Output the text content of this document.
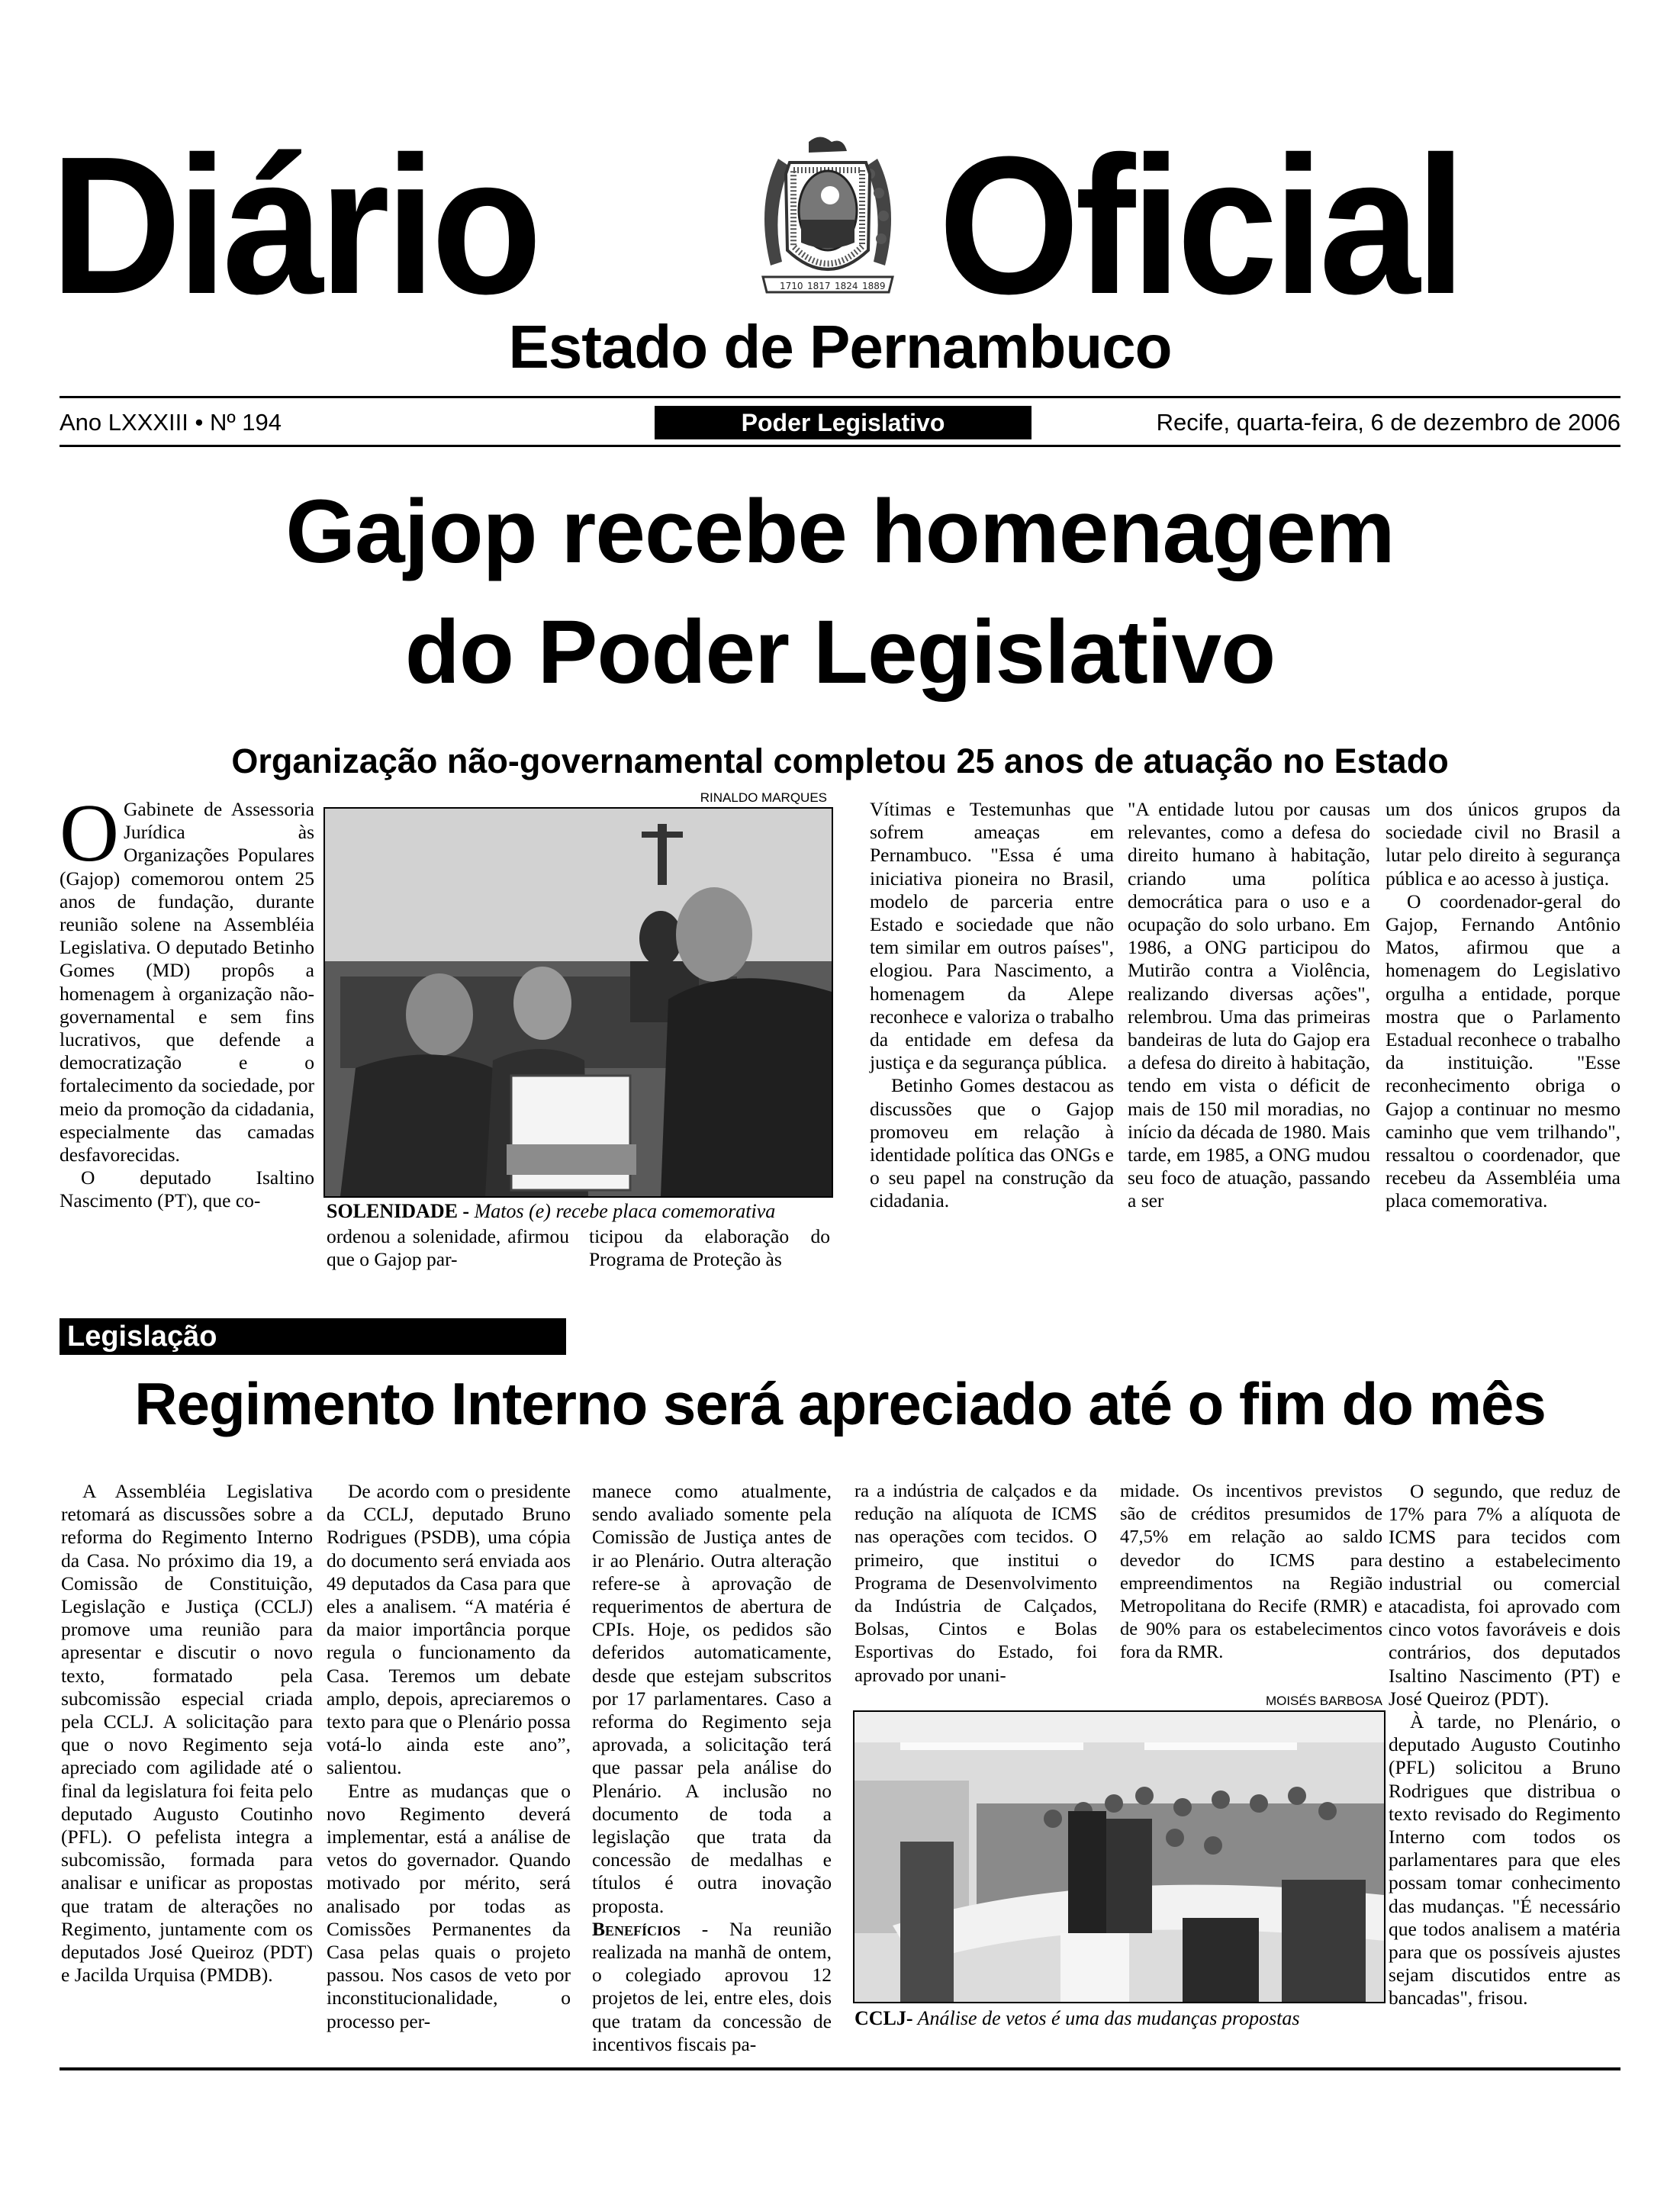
Diário	1710 1817 1824 1889 Oficial
Estado de Pernambuco
Ano LXXXIII • Nº 194	Poder Legislativo	Recife, quarta-feira, 6 de dezembro de 2006
Gajop recebe homenagem
do Poder Legislativo
Organização não-governamental completou 25 anos de atuação no Estado

O Gabinete de Assessoria Jurídica às Organizações Populares (Gajop) comemorou ontem 25 anos de fundação, durante reunião solene na Assembléia Legislativa. O deputado Betinho Gomes (MD) propôs a homenagem à organização não-governamental e sem fins lucrativos, que defende a democratização e o fortalecimento da sociedade, por meio da promoção da cidadania, especialmente das camadas desfavorecidas.

O deputado Isaltino Nascimento (PT), que co-

RINALDO MARQUES
SOLENIDADE - Matos (e) recebe placa comemorativa

ordenou a solenidade, afirmou que o Gajop par-

ticipou da elaboração do Programa de Proteção às

Vítimas e Testemunhas que sofrem ameaças em Pernambuco. "Essa é uma iniciativa pioneira no Brasil, modelo de parceria entre Estado e sociedade que não tem similar em outros países", elogiou. Para Nascimento, a homenagem da Alepe reconhece e valoriza o trabalho da entidade em defesa da justiça e da segurança pública.

Betinho Gomes destacou as discussões que o Gajop promoveu em relação à identidade política das ONGs e o seu papel na construção da cidadania.

"A entidade lutou por causas relevantes, como a defesa do direito humano à habitação, criando uma política democrática para o uso e a ocupação do solo urbano. Em 1986, a ONG participou do Mutirão contra a Violência, realizando diversas ações", relembrou. Uma das primeiras bandeiras de luta do Gajop era a defesa do direito à habitação, tendo em vista o déficit de mais de 150 mil moradias, no início da década de 1980. Mais tarde, em 1985, a ONG mudou seu foco de atuação, passando a ser

um dos únicos grupos da sociedade civil no Brasil a lutar pelo direito à segurança pública e ao acesso à justiça.

O coordenador-geral do Gajop, Fernando Antônio Matos, afirmou que a homenagem do Legislativo orgulha a entidade, porque mostra que o Parlamento Estadual reconhece o trabalho da instituição. "Esse reconhecimento obriga o Gajop a continuar no mesmo caminho que vem trilhando", ressaltou o coordenador, que recebeu da Assembléia uma placa comemorativa.

Legislação
Regimento Interno será apreciado até o fim do mês

A Assembléia Legislativa retomará as discussões sobre a reforma do Regimento Interno da Casa. No próximo dia 19, a Comissão de Constituição, Legislação e Justiça (CCLJ) promove uma reunião para apresentar e discutir o novo texto, formatado pela subcomissão especial criada pela CCLJ. A solicitação para que o novo Regimento seja apreciado com agilidade até o final da legislatura foi feita pelo deputado Augusto Coutinho (PFL). O pefelista integra a subcomissão, formada para analisar e unificar as propostas que tratam de alterações no Regimento, juntamente com os deputados José Queiroz (PDT) e Jacilda Urquisa (PMDB).

De acordo com o presidente da CCLJ, deputado Bruno Rodrigues (PSDB), uma cópia do documento será enviada aos 49 deputados da Casa para que eles a analisem. “A matéria é da maior importância porque regula o funcionamento da Casa. Teremos um debate amplo, depois, apreciaremos o texto para que o Plenário possa votá-lo ainda este ano”, salientou.

Entre as mudanças que o novo Regimento deverá implementar, está a análise de vetos do governador. Quando motivado por mérito, será analisado por todas as Comissões Permanentes da Casa pelas quais o projeto passou. Nos casos de veto por inconstitucionalidade, o processo per-

manece como atualmente, sendo avaliado somente pela Comissão de Justiça antes de ir ao Plenário. Outra alteração refere-se à aprovação de requerimentos de abertura de CPIs. Hoje, os pedidos são deferidos automaticamente, desde que estejam subscritos por 17 parlamentares. Caso a reforma do Regimento seja aprovada, a solicitação terá que passar pela análise do Plenário. A inclusão no documento de toda a legislação que trata da concessão de medalhas e títulos é outra inovação proposta.

Benefícios - Na reunião realizada na manhã de ontem, o colegiado aprovou 12 projetos de lei, entre eles, dois que tratam da concessão de incentivos fiscais pa-

ra a indústria de calçados e da redução na alíquota de ICMS nas operações com tecidos. O primeiro, que institui o Programa de Desenvolvimento da Indústria de Calçados, Bolsas, Cintos e Bolas Esportivas do Estado, foi aprovado por unani-

midade. Os incentivos previstos são de créditos presumidos de 47,5% em relação ao saldo devedor do ICMS para empreendimentos na Região Metropolitana do Recife (RMR) e de 90% para os estabelecimentos fora da RMR.

MOISÉS BARBOSA
CCLJ- Análise de vetos é uma das mudanças propostas

O segundo, que reduz de 17% para 7% a alíquota de ICMS para tecidos com destino a estabelecimento industrial ou comercial atacadista, foi aprovado com cinco votos favoráveis e dois contrários, dos deputados Isaltino Nascimento (PT) e José Queiroz (PDT).

À tarde, no Plenário, o deputado Augusto Coutinho (PFL) solicitou a Bruno Rodrigues que distribua o texto revisado do Regimento Interno com todos os parlamentares para que eles possam tomar conhecimento das mudanças. "É necessário que todos analisem a matéria para que os possíveis ajustes sejam discutidos entre as bancadas", frisou.
